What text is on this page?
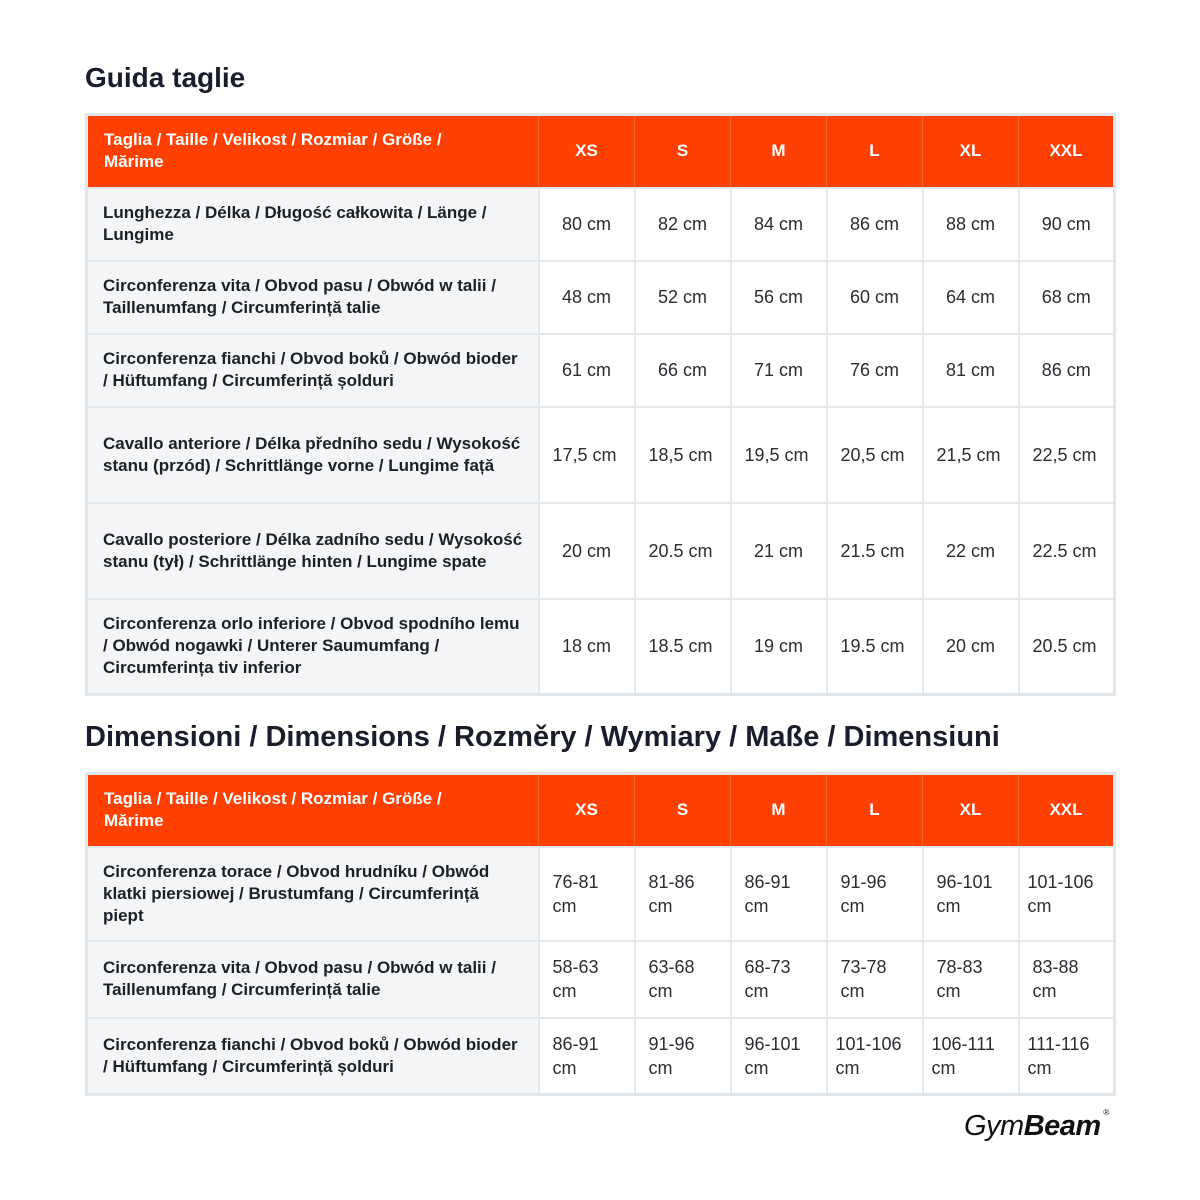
Guida taglie
Taglia / Taille / Velikost / Rozmiar / Größe / Mărime	XS	S	M	L	XL	XXL
Lunghezza / Délka / Długość całkowita / Länge / Lungime	80 cm	82 cm	84 cm	86 cm	88 cm	90 cm
Circonferenza vita / Obvod pasu / Obwód w talii / Taillenumfang / Circumferință talie	48 cm	52 cm	56 cm	60 cm	64 cm	68 cm
Circonferenza fianchi / Obvod boků / Obwód bioder / Hüftumfang / Circumferință șolduri	61 cm	66 cm	71 cm	76 cm	81 cm	86 cm
Cavallo anteriore / Délka předního sedu / Wysokość stanu (przód) / Schrittlänge vorne / Lungime față	17,5 cm	18,5 cm	19,5 cm	20,5 cm	21,5 cm	22,5 cm
Cavallo posteriore / Délka zadního sedu / Wysokość stanu (tył) / Schrittlänge hinten / Lungime spate	20 cm	20.5 cm	21 cm	21.5 cm	22 cm	22.5 cm
Circonferenza orlo inferiore / Obvod spodního lemu / Obwód nogawki / Unterer Saumumfang / Circumferința tiv inferior	18 cm	18.5 cm	19 cm	19.5 cm	20 cm	20.5 cm
Dimensioni / Dimensions / Rozměry / Wymiary / Maße / Dimensiuni
Taglia / Taille / Velikost / Rozmiar / Größe / Mărime	XS	S	M	L	XL	XXL
Circonferenza torace / Obvod hrudníku / Obwód klatki piersiowej / Brustumfang / Circumferință piept	76-81 cm	81-86 cm	86-91 cm	91-96 cm	96-101 cm	101-106 cm
Circonferenza vita / Obvod pasu / Obwód w talii / Taillenumfang / Circumferință talie	58-63 cm	63-68 cm	68-73 cm	73-78 cm	78-83 cm	83-88 cm
Circonferenza fianchi / Obvod boků / Obwód bioder / Hüftumfang / Circumferință șolduri	86-91 cm	91-96 cm	96-101 cm	101-106 cm	106-111 cm	111-116 cm
GymBeam ®
